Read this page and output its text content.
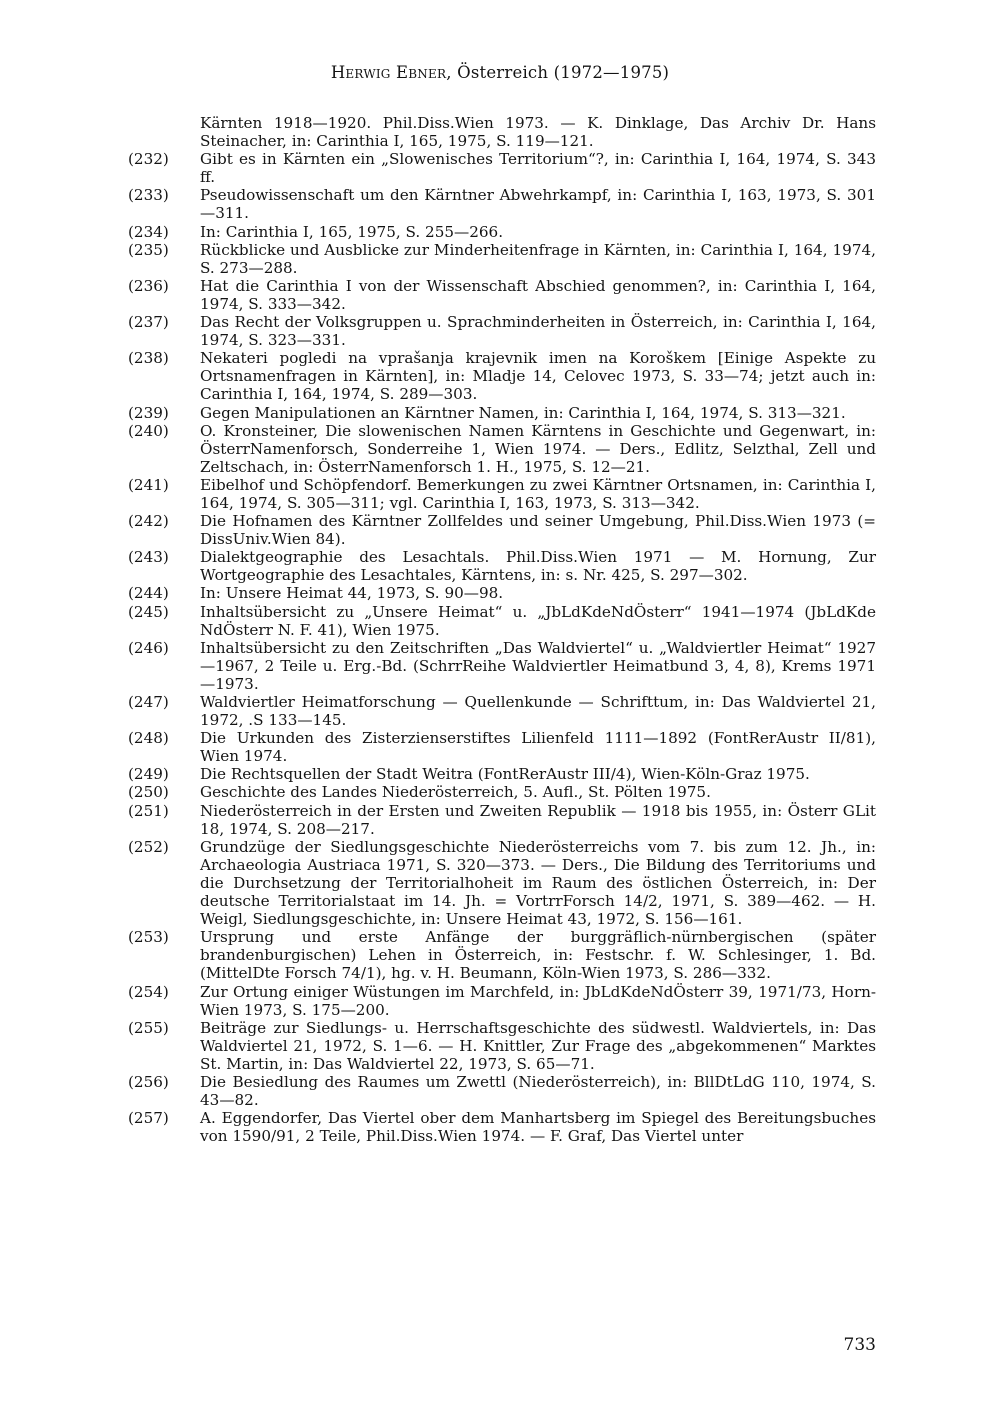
Herwig Ebner, Österreich (1972—1975)
Kärnten 1918—1920. Phil.Diss.Wien 1973. — K. Dinklage, Das Archiv Dr. Hans Steinacher, in: Carinthia I, 165, 1975, S. 119—121.
(232)	Gibt es in Kärnten ein „Slowenisches Territorium“?, in: Carinthia I, 164, 1974, S. 343 ff.
(233)	Pseudowissenschaft um den Kärntner Abwehrkampf, in: Carinthia I, 163, 1973, S. 301—311.
(234)	In: Carinthia I, 165, 1975, S. 255—266.
(235)	Rückblicke und Ausblicke zur Minderheitenfrage in Kärnten, in: Carinthia I, 164, 1974, S. 273—288.
(236)	Hat die Carinthia I von der Wissenschaft Abschied genommen?, in: Carinthia I, 164, 1974, S. 333—342.
(237)	Das Recht der Volksgruppen u. Sprachminderheiten in Österreich, in: Carinthia I, 164, 1974, S. 323—331.
(238)	Nekateri pogledi na vprašanja krajevnik imen na Koroškem [Einige Aspekte zu Ortsnamenfragen in Kärnten], in: Mladje 14, Celovec 1973, S. 33—74; jetzt auch in: Carinthia I, 164, 1974, S. 289—303.
(239)	Gegen Manipulationen an Kärntner Namen, in: Carinthia I, 164, 1974, S. 313—321.
(240)	O. Kronsteiner, Die slowenischen Namen Kärntens in Geschichte und Gegenwart, in: ÖsterrNamenforsch, Sonderreihe 1, Wien 1974. — Ders., Edlitz, Selzthal, Zell und Zeltschach, in: ÖsterrNamenforsch 1. H., 1975, S. 12—21.
(241)	Eibelhof und Schöpfendorf. Bemerkungen zu zwei Kärntner Ortsnamen, in: Carinthia I, 164, 1974, S. 305—311; vgl. Carinthia I, 163, 1973, S. 313—342.
(242)	Die Hofnamen des Kärntner Zollfeldes und seiner Umgebung, Phil.Diss.Wien 1973 (= DissUniv.Wien 84).
(243)	Dialektgeographie des Lesachtals. Phil.Diss.Wien 1971 — M. Hornung, Zur Wortgeographie des Lesachtales, Kärntens, in: s. Nr. 425, S. 297—302.
(244)	In: Unsere Heimat 44, 1973, S. 90—98.
(245)	Inhaltsübersicht zu „Unsere Heimat“ u. „JbLdKdeNdÖsterr“ 1941—1974 (JbLdKde NdÖsterr N. F. 41), Wien 1975.
(246)	Inhaltsübersicht zu den Zeitschriften „Das Waldviertel“ u. „Waldviertler Heimat“ 1927—1967, 2 Teile u. Erg.-Bd. (SchrrReihe Waldviertler Heimatbund 3, 4, 8), Krems 1971—1973.
(247)	Waldviertler Heimatforschung — Quellenkunde — Schrifttum, in: Das Waldviertel 21, 1972, .S 133—145.
(248)	Die Urkunden des Zisterzienserstiftes Lilienfeld 1111—1892 (FontRerAustr II/81), Wien 1974.
(249)	Die Rechtsquellen der Stadt Weitra (FontRerAustr III/4), Wien-Köln-Graz 1975.
(250)	Geschichte des Landes Niederösterreich, 5. Aufl., St. Pölten 1975.
(251)	Niederösterreich in der Ersten und Zweiten Republik — 1918 bis 1955, in: Österr GLit 18, 1974, S. 208—217.
(252)	Grundzüge der Siedlungsgeschichte Niederösterreichs vom 7. bis zum 12. Jh., in: Archaeologia Austriaca 1971, S. 320—373. — Ders., Die Bildung des Territoriums und die Durchsetzung der Territorialhoheit im Raum des östlichen Österreich, in: Der deutsche Territorialstaat im 14. Jh. = VortrrForsch 14/2, 1971, S. 389—462. — H. Weigl, Siedlungsgeschichte, in: Unsere Heimat 43, 1972, S. 156—161.
(253)	Ursprung und erste Anfänge der burggräflich-nürnbergischen (später brandenburgischen) Lehen in Österreich, in: Festschr. f. W. Schlesinger, 1. Bd. (MittelDte Forsch 74/1), hg. v. H. Beumann, Köln-Wien 1973, S. 286—332.
(254)	Zur Ortung einiger Wüstungen im Marchfeld, in: JbLdKdeNdÖsterr 39, 1971/73, Horn-Wien 1973, S. 175—200.
(255)	Beiträge zur Siedlungs- u. Herrschaftsgeschichte des südwestl. Waldviertels, in: Das Waldviertel 21, 1972, S. 1—6. — H. Knittler, Zur Frage des „abgekommenen“ Marktes St. Martin, in: Das Waldviertel 22, 1973, S. 65—71.
(256)	Die Besiedlung des Raumes um Zwettl (Niederösterreich), in: BllDtLdG 110, 1974, S. 43—82.
(257)	A. Eggendorfer, Das Viertel ober dem Manhartsberg im Spiegel des Bereitungsbuches von 1590/91, 2 Teile, Phil.Diss.Wien 1974. — F. Graf, Das Viertel unter
733
